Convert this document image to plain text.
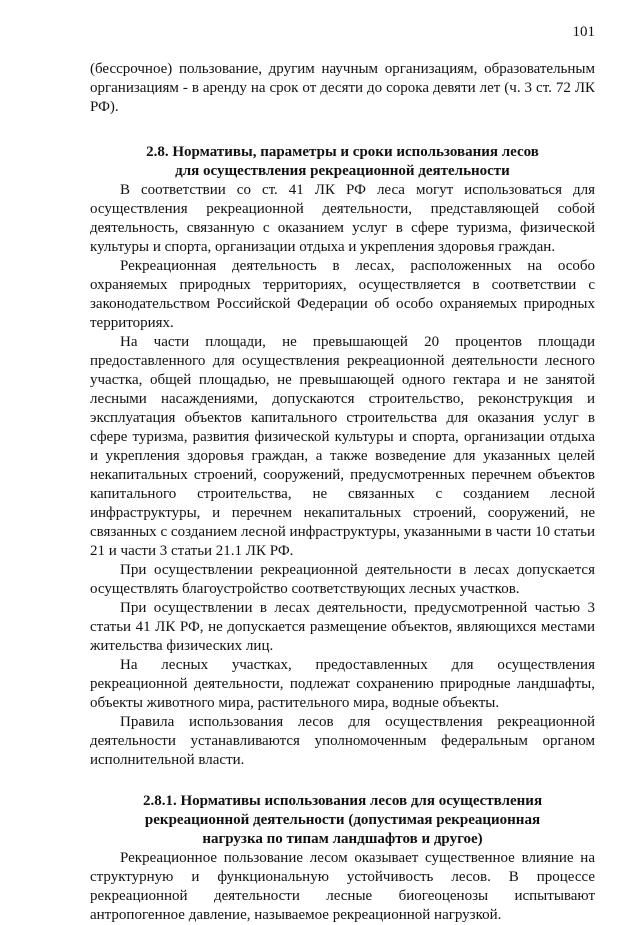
101

(бессрочное) пользование, другим научным организациям, образовательным организациям - в аренду на срок от десяти до сорока девяти лет (ч. 3 ст. 72 ЛК РФ).

2.8. Нормативы, параметры и сроки использования лесов
для осуществления рекреационной деятельности

В соответствии со ст. 41 ЛК РФ леса могут использоваться для осуществления рекреационной деятельности, представляющей собой деятельность, связанную с оказанием услуг в сфере туризма, физической культуры и спорта, организации отдыха и укрепления здоровья граждан.

Рекреационная деятельность в лесах, расположенных на особо охраняемых природных территориях, осуществляется в соответствии с законодательством Российской Федерации об особо охраняемых природных территориях.

На части площади, не превышающей 20 процентов площади предоставленного для осуществления рекреационной деятельности лесного участка, общей площадью, не превышающей одного гектара и не занятой лесными насаждениями, допускаются строительство, реконструкция и эксплуатация объектов капитального строительства для оказания услуг в сфере туризма, развития физической культуры и спорта, организации отдыха и укрепления здоровья граждан, а также возведение для указанных целей некапитальных строений, сооружений, предусмотренных перечнем объектов капитального строительства, не связанных с созданием лесной инфраструктуры, и перечнем некапитальных строений, сооружений, не связанных с созданием лесной инфраструктуры, указанными в части 10 статьи 21 и части 3 статьи 21.1 ЛК РФ.

При осуществлении рекреационной деятельности в лесах допускается осуществлять благоустройство соответствующих лесных участков.

При осуществлении в лесах деятельности, предусмотренной частью 3 статьи 41 ЛК РФ, не допускается размещение объектов, являющихся местами жительства физических лиц.

На лесных участках, предоставленных для осуществления рекреационной деятельности, подлежат сохранению природные ландшафты, объекты животного мира, растительного мира, водные объекты.

Правила использования лесов для осуществления рекреационной деятельности устанавливаются уполномоченным федеральным органом исполнительной власти.

2.8.1. Нормативы использования лесов для осуществления
рекреационной деятельности (допустимая рекреационная
нагрузка по типам ландшафтов и другое)

Рекреационное пользование лесом оказывает существенное влияние на структурную и функциональную устойчивость лесов. В процессе рекреационной деятельности лесные биогеоценозы испытывают антропогенное давление, называемое рекреационной нагрузкой.
